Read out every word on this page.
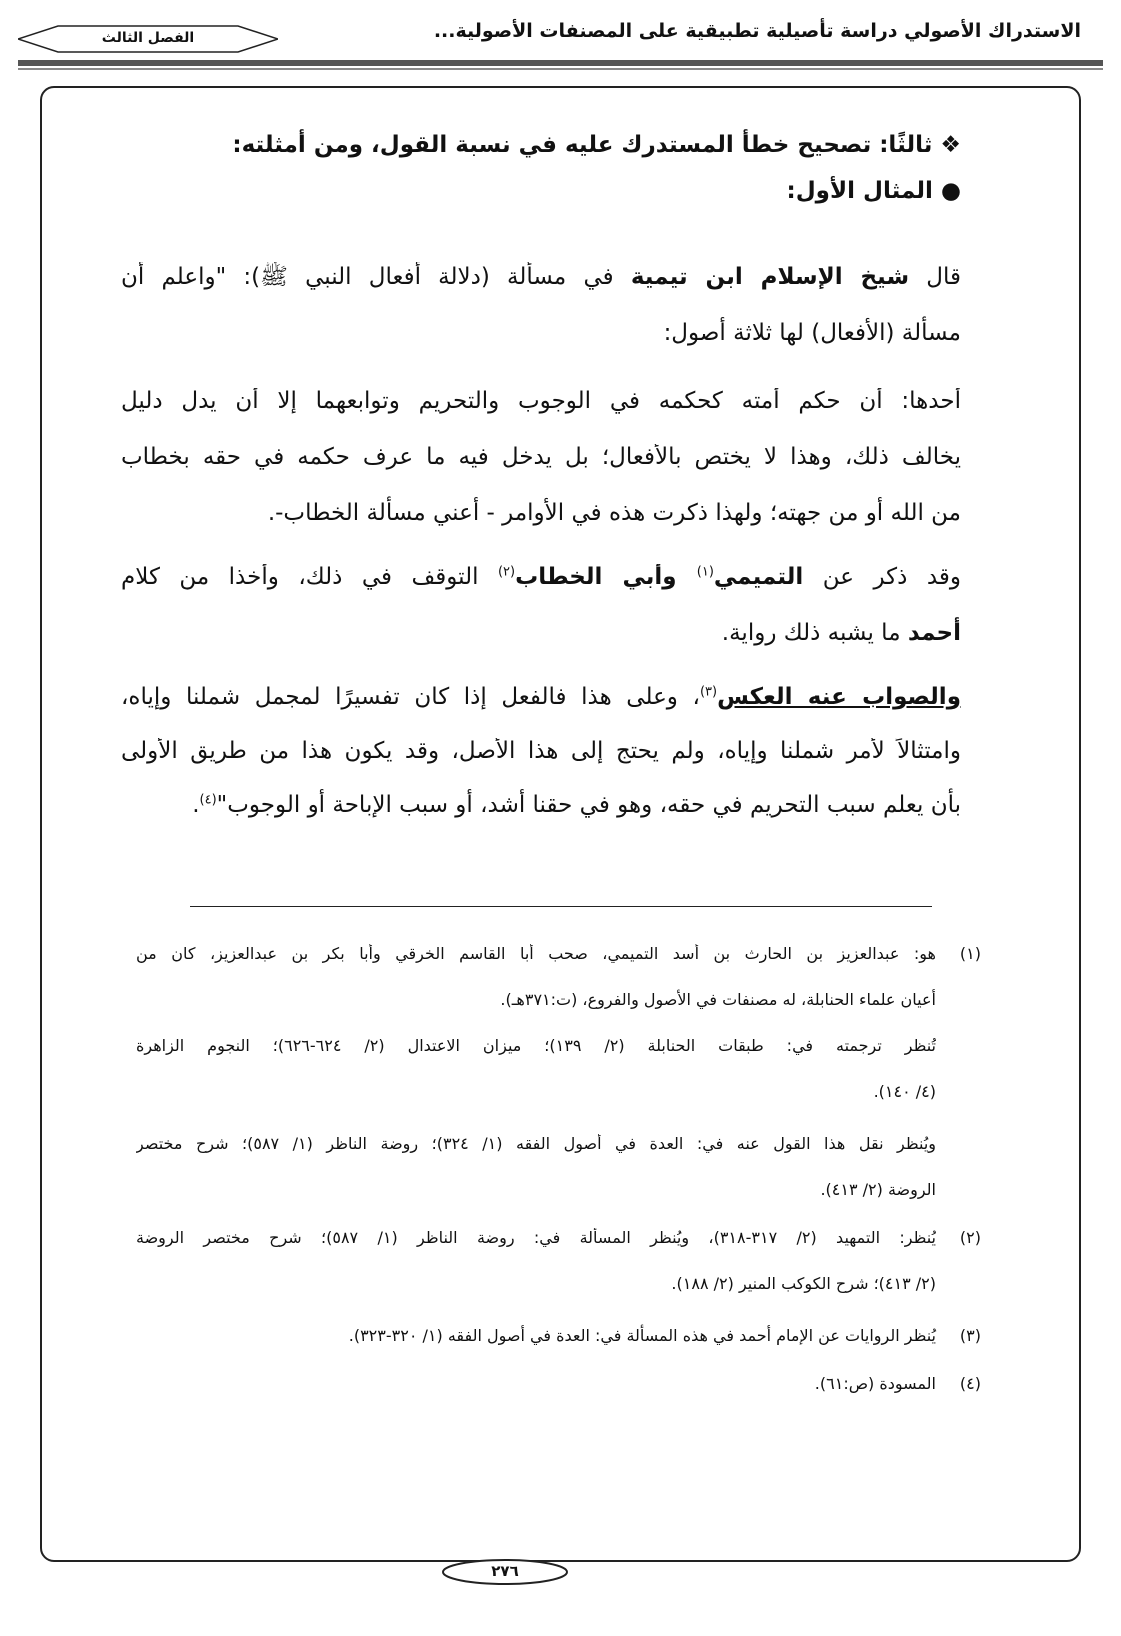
الاستدراك الأصولي دراسة تأصيلية تطبيقية على المصنفات الأصولية...
الفصل الثالث
❖ ثالثًا: تصحيح خطأ المستدرك عليه في نسبة القول، ومن أمثلته:
● المثال الأول:
قال شيخ الإسلام ابن تيمية في مسألة (دلالة أفعال النبي ﷺ): "واعلم أن
مسألة (الأفعال) لها ثلاثة أصول:
أحدها: أن حكم أمته كحكمه في الوجوب والتحريم وتوابعهما إلا أن يدل دليل
يخالف ذلك، وهذا لا يختص بالأفعال؛ بل يدخل فيه ما عرف حكمه في حقه بخطاب
من الله أو من جهته؛ ولهذا ذكرت هذه في الأوامر - أعني مسألة الخطاب-.
وقد ذكر عن التميمي$^{(١)}$ وأبي الخطاب$^{(٢)}$ التوقف في ذلك، وأخذا من كلام
أحمد ما يشبه ذلك رواية.
والصواب عنه العكس$^{(٣)}$، وعلى هذا فالفعل إذا كان تفسيرًا لمجمل شملنا وإياه،
وامتثالاً لأمر شملنا وإياه، ولم يحتج إلى هذا الأصل، وقد يكون هذا من طريق الأولى
بأن يعلم سبب التحريم في حقه، وهو في حقنا أشد، أو سبب الإباحة أو الوجوب"$^{(٤)}$.
(١)
هو: عبدالعزيز بن الحارث بن أسد التميمي، صحب أبا القاسم الخرقي وأبا بكر بن عبدالعزيز، كان من
أعيان علماء الحنابلة، له مصنفات في الأصول والفروع، (ت:٣٧١هـ).
تُنظر ترجمته في: طبقات الحنابلة (٢/ ١٣٩)؛ ميزان الاعتدال (٢/ ٦٢٤-٦٢٦)؛ النجوم الزاهرة
(٤/ ١٤٠).
ويُنظر نقل هذا القول عنه في: العدة في أصول الفقه (١/ ٣٢٤)؛ روضة الناظر (١/ ٥٨٧)؛ شرح مختصر
الروضة (٢/ ٤١٣).
(٢)
يُنظر: التمهيد (٢/ ٣١٧-٣١٨)، ويُنظر المسألة في: روضة الناظر (١/ ٥٨٧)؛ شرح مختصر الروضة
(٢/ ٤١٣)؛ شرح الكوكب المنير (٢/ ١٨٨).
(٣)
يُنظر الروايات عن الإمام أحمد في هذه المسألة في: العدة في أصول الفقه (١/ ٣٢٠-٣٢٣).
(٤)
المسودة (ص:٦١).
٢٧٦
